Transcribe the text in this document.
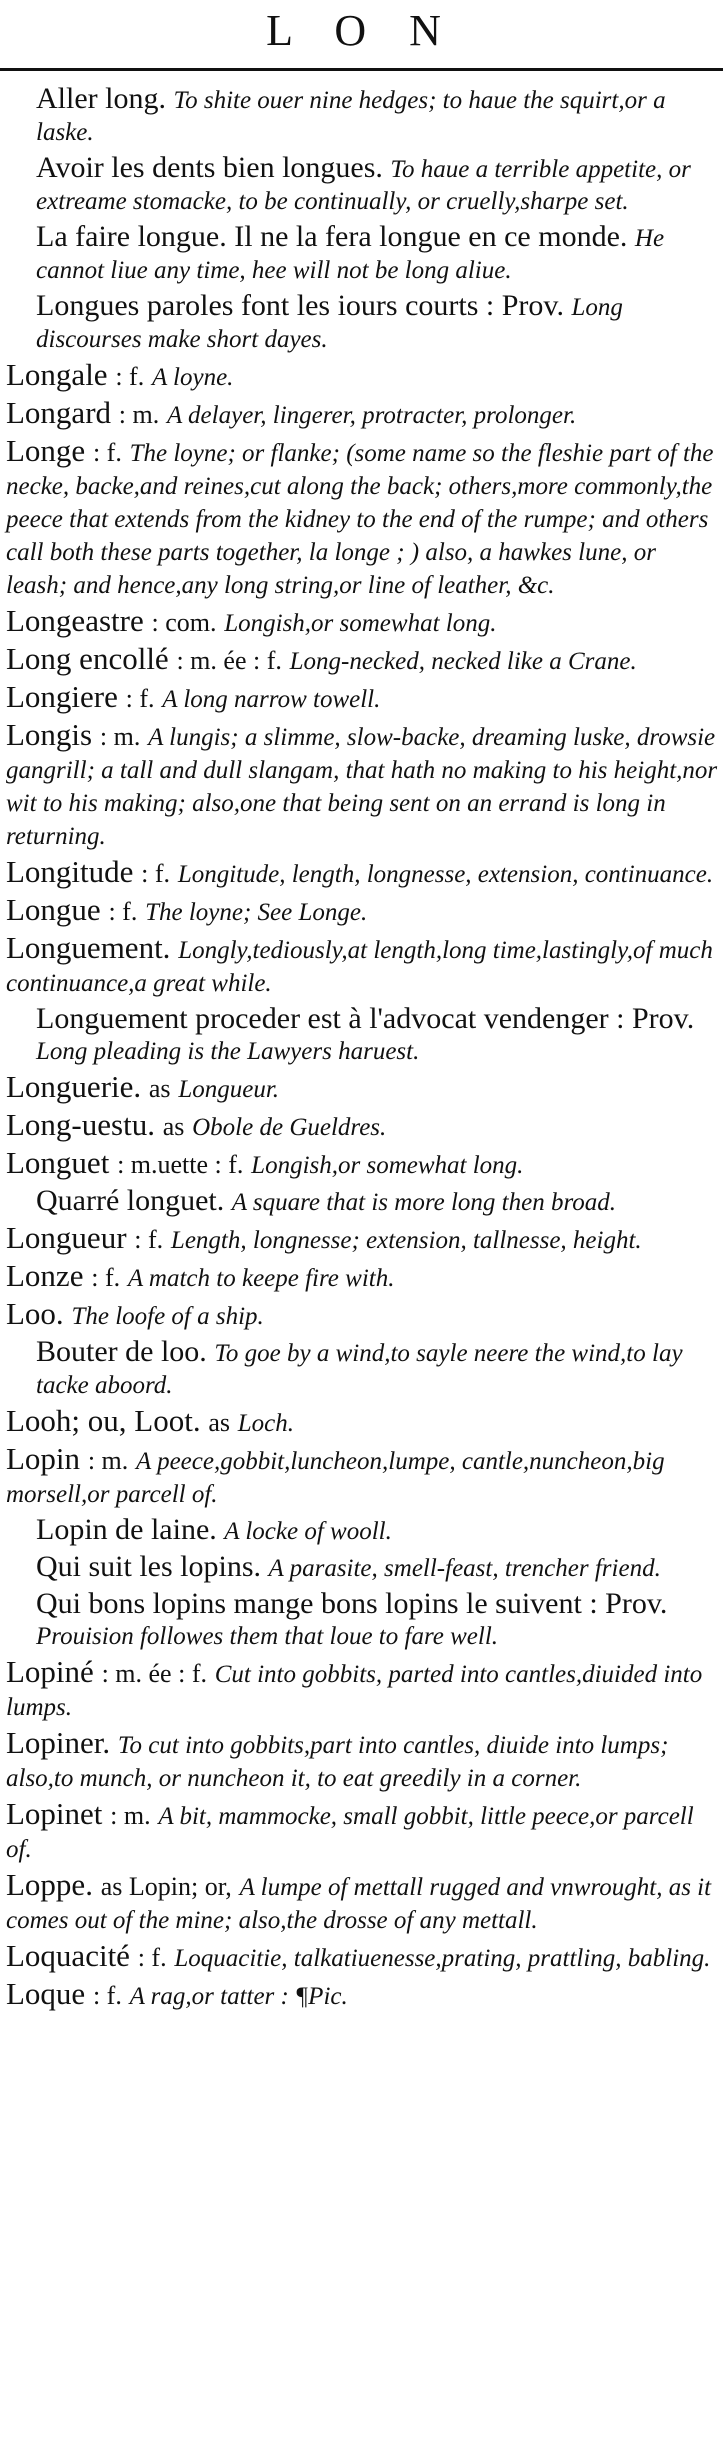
L O N
Aller long. To shite ouer nine hedges; to haue the squirt,or a laske.
Avoir les dents bien longues. To haue a terrible appetite, or extreame stomacke, to be continually, or cruelly,sharpe set.
La faire longue. Il ne la fera longue en ce monde. He cannot liue any time, hee will not be long aliue.
Longues paroles font les iours courts : Prov. Long discourses make short dayes.
Longale : f. A loyne.
Longard : m. A delayer, lingerer, protracter, prolonger.
Longe : f. The loyne; or flanke; (some name so the fleshie part of the necke, backe,and reines,cut along the back; others,more commonly,the peece that extends from the kidney to the end of the rumpe; and others call both these parts together, la longe ; ) also, a hawkes lune, or leash; and hence,any long string,or line of leather, &c.
Longeastre : com. Longish,or somewhat long.
Long encollé : m. ée : f. Long-necked, necked like a Crane.
Longiere : f. A long narrow towell.
Longis : m. A lungis; a slimme, slow-backe, dreaming luske, drowsie gangrill; a tall and dull slangam, that hath no making to his height,nor wit to his making; also,one that being sent on an errand is long in returning.
Longitude : f. Longitude, length, longnesse, extension, continuance.
Longue : f. The loyne; See Longe.
Longuement. Longly,tediously,at length,long time,lastingly,of much continuance,a great while.
Longuement proceder est à l'advocat vendenger : Prov. Long pleading is the Lawyers haruest.
Longuerie. as Longueur.
Long-uestu. as Obole de Gueldres.
Longuet : m.uette : f. Longish,or somewhat long.
Quarré longuet. A square that is more long then broad.
Longueur : f. Length, longnesse; extension, tallnesse, height.
Lonze : f. A match to keepe fire with.
Loo. The loofe of a ship.
Bouter de loo. To goe by a wind,to sayle neere the wind,to lay tacke aboord.
Looh; ou, Loot. as Loch.
Lopin : m. A peece,gobbit,luncheon,lumpe, cantle,nuncheon,big morsell,or parcell of.
Lopin de laine. A locke of wooll.
Qui suit les lopins. A parasite, smell-feast, trencher friend.
Qui bons lopins mange bons lopins le suivent : Prov. Prouision followes them that loue to fare well.
Lopiné : m. ée : f. Cut into gobbits, parted into cantles,diuided into lumps.
Lopiner. To cut into gobbits,part into cantles, diuide into lumps; also,to munch, or nuncheon it, to eat greedily in a corner.
Lopinet : m. A bit, mammocke, small gobbit, little peece,or parcell of.
Loppe. as Lopin; or, A lumpe of mettall rugged and vnwrought, as it comes out of the mine; also,the drosse of any mettall.
Loquacité : f. Loquacitie, talkatiuenesse,prating, prattling, babling.
Loque : f. A rag,or tatter : ¶Pic.
